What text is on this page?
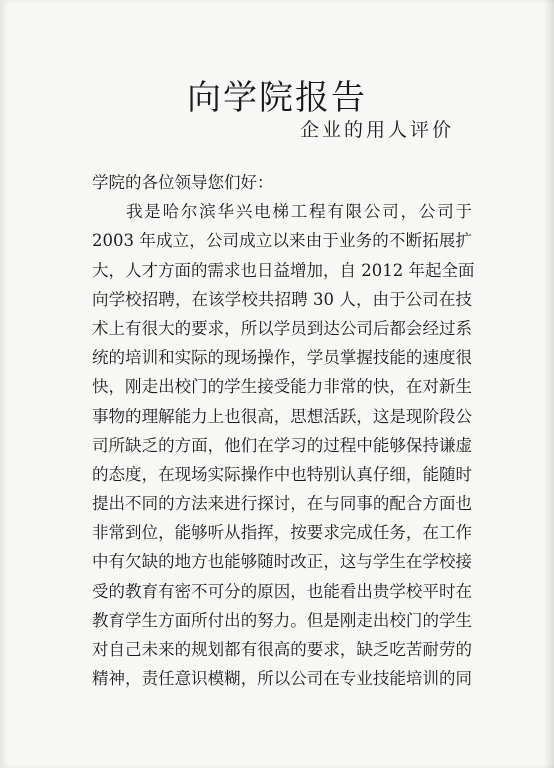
向学院报告
企业的用人评价
学院的各位领导您们好：
我是哈尔滨华兴电梯工程有限公司，公司于
2003 年成立，公司成立以来由于业务的不断拓展扩
大，人才方面的需求也日益增加，自 2012 年起全面
向学校招聘，在该学校共招聘 30 人，由于公司在技
术上有很大的要求，所以学员到达公司后都会经过系
统的培训和实际的现场操作，学员掌握技能的速度很
快，刚走出校门的学生接受能力非常的快，在对新生
事物的理解能力上也很高，思想活跃，这是现阶段公
司所缺乏的方面，他们在学习的过程中能够保持谦虚
的态度，在现场实际操作中也特别认真仔细，能随时
提出不同的方法来进行探讨，在与同事的配合方面也
非常到位，能够听从指挥，按要求完成任务，在工作
中有欠缺的地方也能够随时改正，这与学生在学校接
受的教育有密不可分的原因，也能看出贵学校平时在
教育学生方面所付出的努力。但是刚走出校门的学生
对自己未来的规划都有很高的要求，缺乏吃苦耐劳的
精神，责任意识模糊，所以公司在专业技能培训的同
